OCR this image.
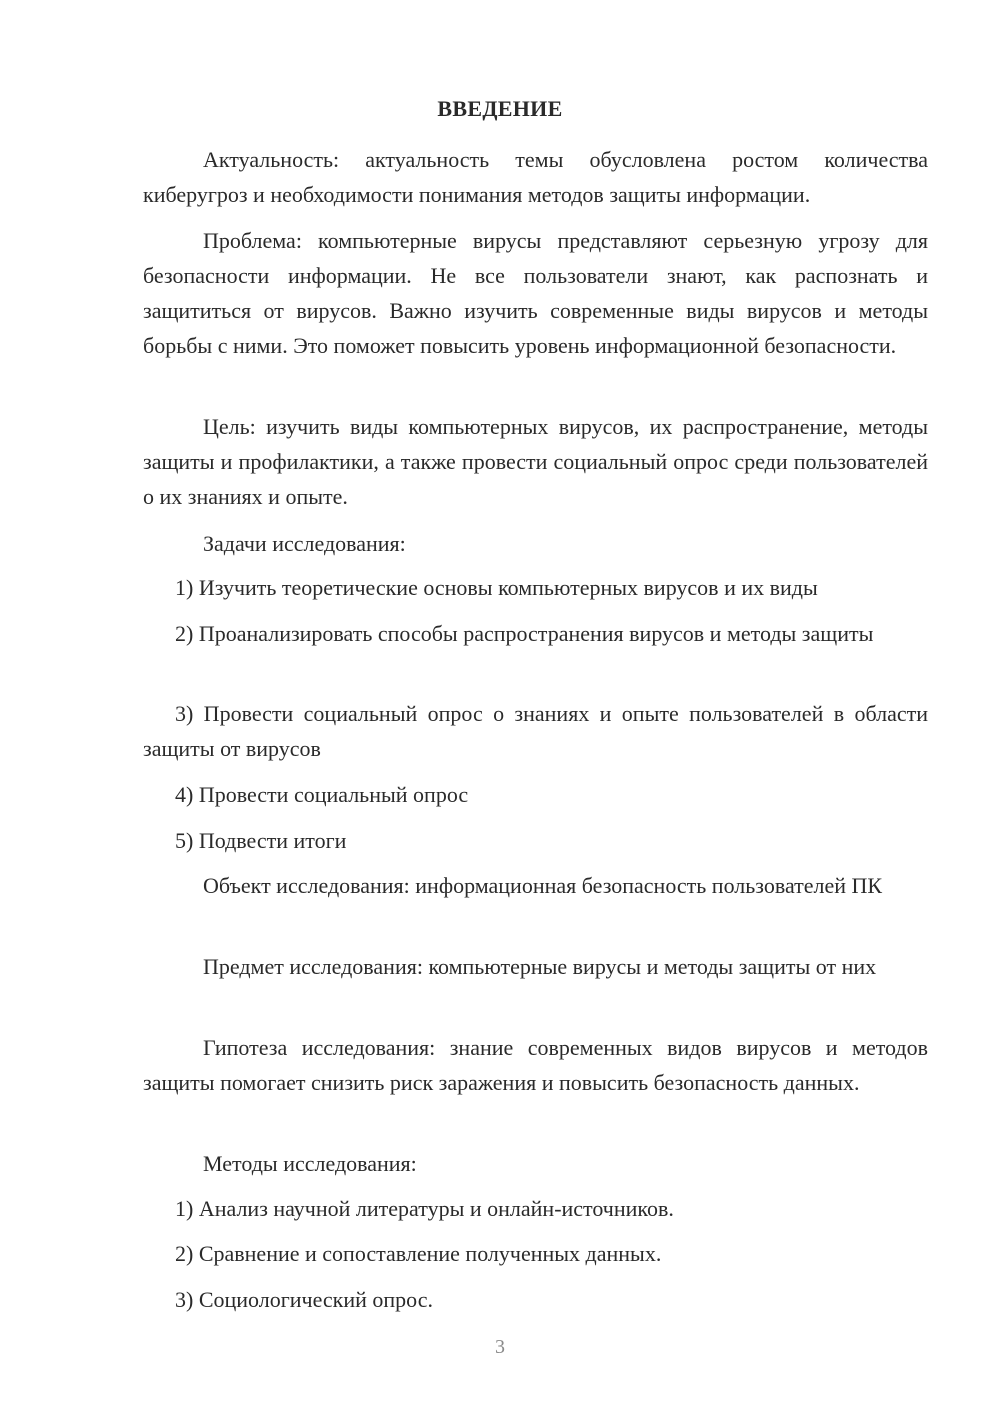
ВВЕДЕНИЕ
Актуальность: актуальность темы обусловлена ростом количества киберугроз и необходимости понимания методов защиты информации.
Проблема: компьютерные вирусы представляют серьезную угрозу для безопасности информации. Не все пользователи знают, как распознать и защититься от вирусов. Важно изучить современные виды вирусов и методы борьбы с ними. Это поможет повысить уровень информационной безопасности.
Цель: изучить виды компьютерных вирусов, их распространение, методы защиты и профилактики, а также провести социальный опрос среди пользователей о их знаниях и опыте.
Задачи исследования:
1) Изучить теоретические основы компьютерных вирусов и их виды
2) Проанализировать способы распространения вирусов и методы защиты
3) Провести социальный опрос о знаниях и опыте пользователей в области защиты от вирусов
4) Провести социальный опрос
5) Подвести итоги
Объект исследования: информационная безопасность пользователей ПК
Предмет исследования: компьютерные вирусы и методы защиты от них
Гипотеза исследования: знание современных видов вирусов и методов защиты помогает снизить риск заражения и повысить безопасность данных.
Методы исследования:
1) Анализ научной литературы и онлайн-источников.
2) Сравнение и сопоставление полученных данных.
3) Социологический опрос.
3
